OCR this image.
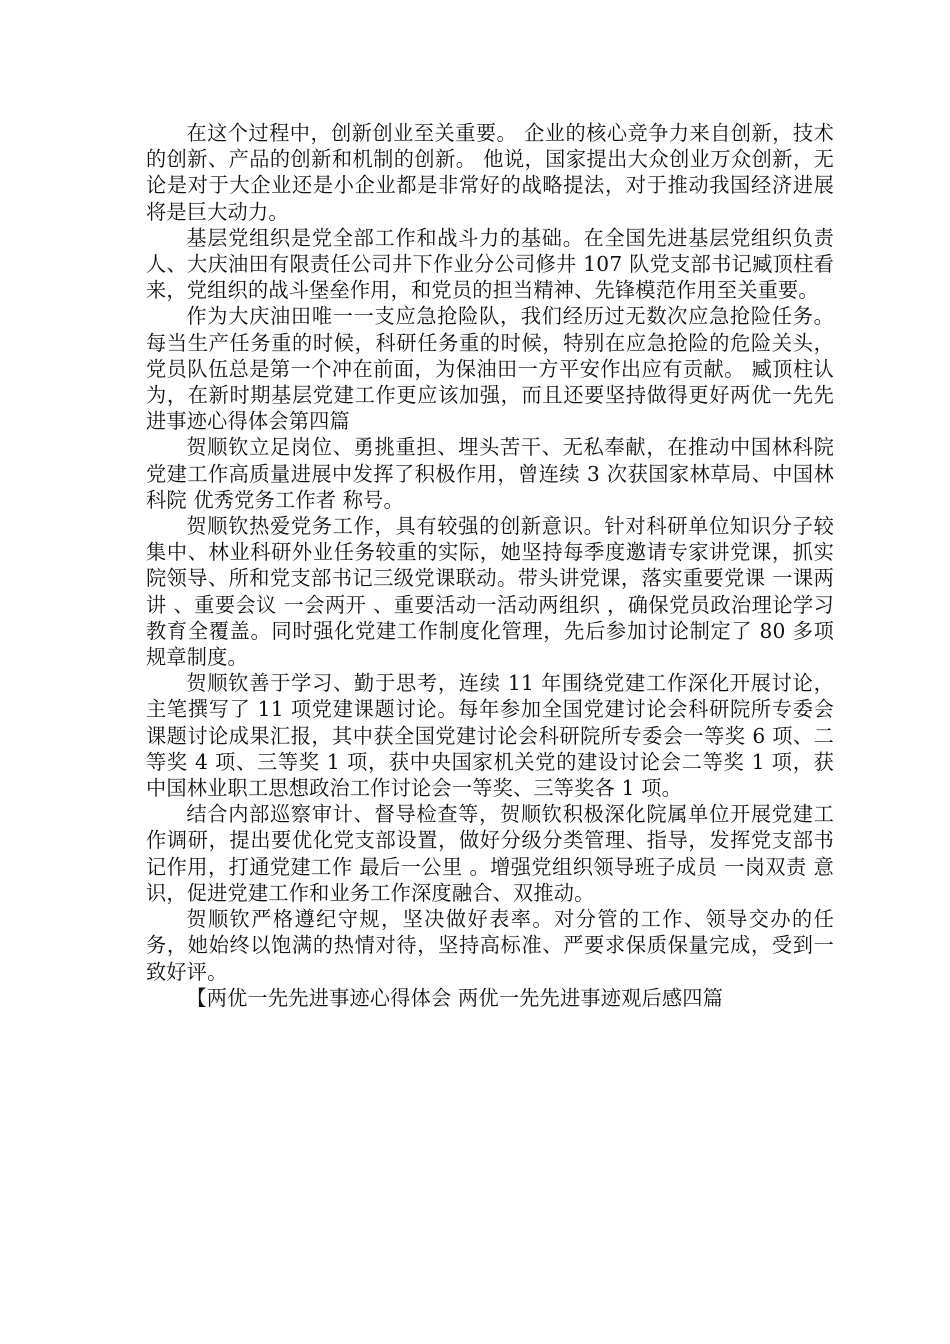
在这个过程中，创新创业至关重要。 企业的核心竞争力来自创新，技术的创新、产品的创新和机制的创新。 他说，国家提出大众创业万众创新，无论是对于大企业还是小企业都是非常好的战略提法，对于推动我国经济进展将是巨大动力。

基层党组织是党全部工作和战斗力的基础。在全国先进基层党组织负责人、大庆油田有限责任公司井下作业分公司修井 107 队党支部书记臧顶柱看来，党组织的战斗堡垒作用，和党员的担当精神、先锋模范作用至关重要。

作为大庆油田唯一一支应急抢险队，我们经历过无数次应急抢险任务。每当生产任务重的时候，科研任务重的时候，特别在应急抢险的危险关头，党员队伍总是第一个冲在前面，为保油田一方平安作出应有贡献。 臧顶柱认为，在新时期基层党建工作更应该加强，而且还要坚持做得更好两优一先先进事迹心得体会第四篇

贺顺钦立足岗位、勇挑重担、埋头苦干、无私奉献，在推动中国林科院党建工作高质量进展中发挥了积极作用，曾连续 3 次获国家林草局、中国林科院 优秀党务工作者 称号。

贺顺钦热爱党务工作，具有较强的创新意识。针对科研单位知识分子较集中、林业科研外业任务较重的实际，她坚持每季度邀请专家讲党课，抓实院领导、所和党支部书记三级党课联动。带头讲党课，落实重要党课 一课两讲 、重要会议 一会两开 、重要活动一活动两组织 ，确保党员政治理论学习教育全覆盖。同时强化党建工作制度化管理，先后参加讨论制定了 80 多项规章制度。

贺顺钦善于学习、勤于思考，连续 11 年围绕党建工作深化开展讨论，主笔撰写了 11 项党建课题讨论。每年参加全国党建讨论会科研院所专委会课题讨论成果汇报，其中获全国党建讨论会科研院所专委会一等奖 6 项、二等奖 4 项、三等奖 1 项，获中央国家机关党的建设讨论会二等奖 1 项，获中国林业职工思想政治工作讨论会一等奖、三等奖各 1 项。

结合内部巡察审计、督导检查等，贺顺钦积极深化院属单位开展党建工作调研，提出要优化党支部设置，做好分级分类管理、指导，发挥党支部书记作用，打通党建工作 最后一公里 。增强党组织领导班子成员 一岗双责 意识，促进党建工作和业务工作深度融合、双推动。

贺顺钦严格遵纪守规，坚决做好表率。对分管的工作、领导交办的任务，她始终以饱满的热情对待，坚持高标准、严要求保质保量完成，受到一致好评。

【两优一先先进事迹心得体会 两优一先先进事迹观后感四篇
